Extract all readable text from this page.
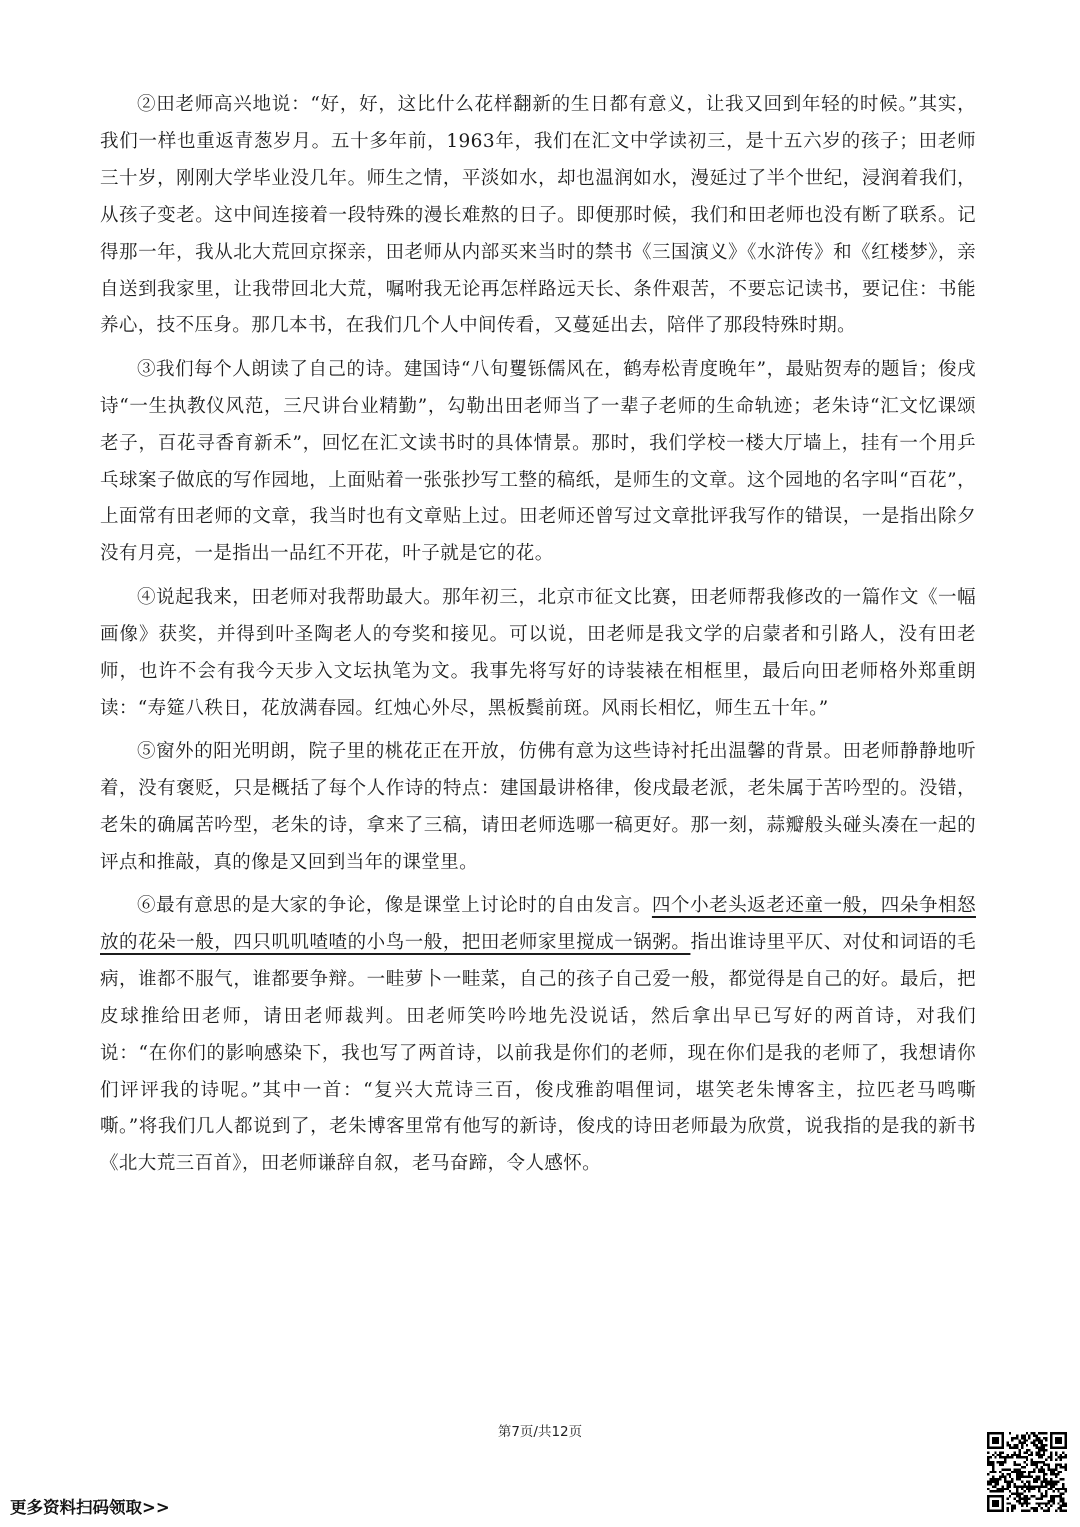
②田老师高兴地说：“好，好，这比什么花样翻新的生日都有意义，让我又回到年轻的时候。”其实，我们一样也重返青葱岁月。五十多年前，1963年，我们在汇文中学读初三，是十五六岁的孩子；田老师三十岁，刚刚大学毕业没几年。师生之情，平淡如水，却也温润如水，漫延过了半个世纪，浸润着我们，从孩子变老。这中间连接着一段特殊的漫长难熬的日子。即便那时候，我们和田老师也没有断了联系。记得那一年，我从北大荒回京探亲，田老师从内部买来当时的禁书《三国演义》《水浒传》和《红楼梦》，亲自送到我家里，让我带回北大荒，嘱咐我无论再怎样路远天长、条件艰苦，不要忘记读书，要记住：书能养心，技不压身。那几本书，在我们几个人中间传看，又蔓延出去，陪伴了那段特殊时期。

③我们每个人朗读了自己的诗。建国诗“八旬矍铄儒风在，鹤寿松青度晚年”，最贴贺寿的题旨；俊戌诗“一生执教仪风范，三尺讲台业精勤”，勾勒出田老师当了一辈子老师的生命轨迹；老朱诗“汇文忆课颂老子，百花寻香育新禾”，回忆在汇文读书时的具体情景。那时，我们学校一楼大厅墙上，挂有一个用乒乓球案子做底的写作园地，上面贴着一张张抄写工整的稿纸，是师生的文章。这个园地的名字叫“百花”，上面常有田老师的文章，我当时也有文章贴上过。田老师还曾写过文章批评我写作的错误，一是指出除夕没有月亮，一是指出一品红不开花，叶子就是它的花。

④说起我来，田老师对我帮助最大。那年初三，北京市征文比赛，田老师帮我修改的一篇作文《一幅画像》获奖，并得到叶圣陶老人的夸奖和接见。可以说，田老师是我文学的启蒙者和引路人，没有田老师，也许不会有我今天步入文坛执笔为文。我事先将写好的诗装裱在相框里，最后向田老师格外郑重朗读：“寿筵八秩日，花放满春园。红烛心外尽，黑板鬓前斑。风雨长相忆，师生五十年。”

⑤窗外的阳光明朗，院子里的桃花正在开放，仿佛有意为这些诗衬托出温馨的背景。田老师静静地听着，没有褒贬，只是概括了每个人作诗的特点：建国最讲格律，俊戌最老派，老朱属于苦吟型的。没错，老朱的确属苦吟型，老朱的诗，拿来了三稿，请田老师选哪一稿更好。那一刻，蒜瓣般头碰头凑在一起的评点和推敲，真的像是又回到当年的课堂里。

⑥最有意思的是大家的争论，像是课堂上讨论时的自由发言。四个小老头返老还童一般，四朵争相怒放的花朵一般，四只叽叽喳喳的小鸟一般，把田老师家里搅成一锅粥。指出谁诗里平仄、对仗和词语的毛病，谁都不服气，谁都要争辩。一畦萝卜一畦菜，自己的孩子自己爱一般，都觉得是自己的好。最后，把皮球推给田老师，请田老师裁判。田老师笑吟吟地先没说话，然后拿出早已写好的两首诗，对我们说：“在你们的影响感染下，我也写了两首诗，以前我是你们的老师，现在你们是我的老师了，我想请你们评评我的诗呢。”其中一首：“复兴大荒诗三百，俊戌雅韵唱俚词，堪笑老朱博客主，拉匹老马鸣嘶嘶。”将我们几人都说到了，老朱博客里常有他写的新诗，俊戌的诗田老师最为欣赏，说我指的是我的新书《北大荒三百首》，田老师谦辞自叙，老马奋蹄，令人感怀。

第7页/共12页
更多资料扫码领取>>
